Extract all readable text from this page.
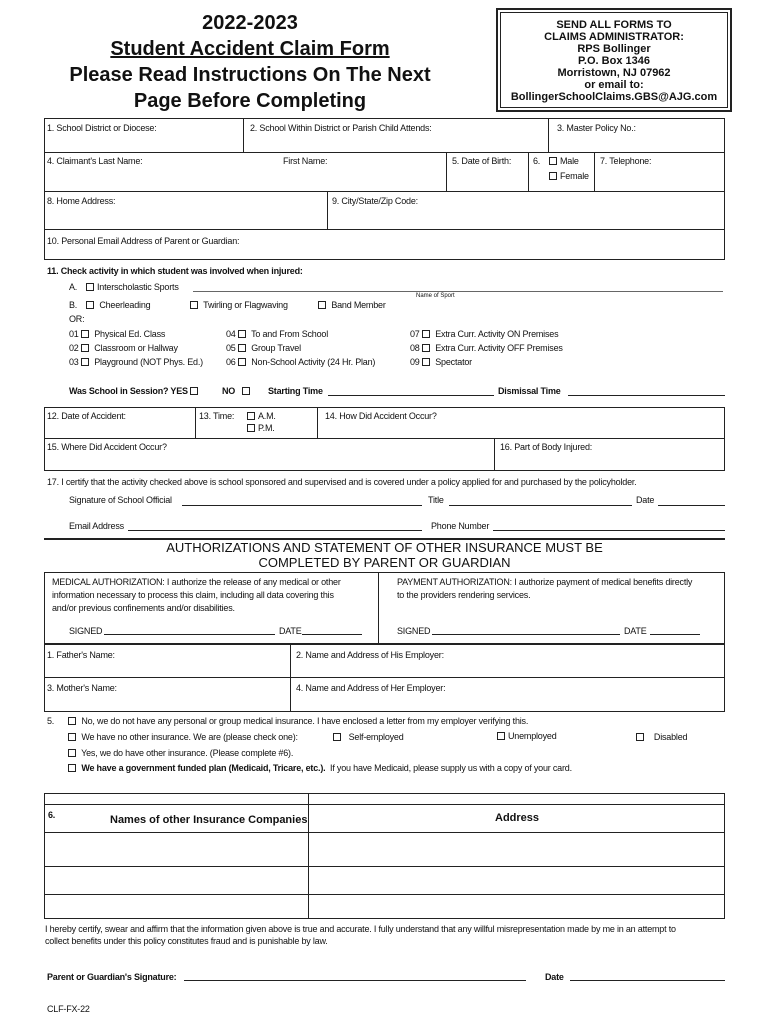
2022-2023
Student Accident Claim Form
Please Read Instructions On The Next
Page Before Completing
SEND ALL FORMS TO
CLAIMS ADMINISTRATOR:
RPS Bollinger
P.O. Box 1346
Morristown, NJ 07962
or email to:
BollingerSchoolClaims.GBS@AJG.com
1. School District or Diocese:	2. School Within District or Parish Child Attends:	3. Master Policy No.:
4. Claimant's Last Name:	First Name:	5. Date of Birth: 6.	Male
Female
7. Telephone:
8. Home Address:	9. City/State/Zip Code:
10. Personal Email Address of Parent or Guardian:
11. Check activity in which student was involved when injured:
A.	Interscholastic Sports
Name of Sport
B.	Cheerleading	Twirling or Flagwaving	Band Member
OR:
01 Physical Ed. Class
02 Classroom or Hallway
03 Playground (NOT Phys. Ed.)
04 To and From School
05 Group Travel
06 Non-School Activity (24 Hr. Plan)
07 Extra Curr. Activity ON Premises
08 Extra Curr. Activity OFF Premises
09 Spectator
Was School in Session? YES	NO	Starting Time	Dismissal Time
12. Date of Accident:	13. Time:	A.M.
P.M.
14. How Did Accident Occur?
15. Where Did Accident Occur?	16. Part of Body Injured:
17. I certify that the activity checked above is school sponsored and supervised and is covered under a policy applied for and purchased by the policyholder.
Signature of School Official	Title	Date
Email Address	Phone Number
AUTHORIZATIONS AND STATEMENT OF OTHER INSURANCE MUST BE
COMPLETED BY PARENT OR GUARDIAN
MEDICAL AUTHORIZATION: I authorize the release of any medical or other
information necessary to process this claim, including all data covering this
and/or previous confinements and/or disabilities.
PAYMENT AUTHORIZATION: I authorize payment of medical benefits directly
to the providers rendering services.
SIGNED	DATE	SIGNED	DATE
1. Father's Name:	2. Name and Address of His Employer:
3. Mother's Name:	4. Name and Address of Her Employer:
5.	No, we do not have any personal or group medical insurance. I have enclosed a letter from my employer verifying this.
We have no other insurance. We are (please check one):	Self-employed	Unemployed	Disabled
Yes, we do have other insurance. (Please complete #6).
We have a government funded plan (Medicaid, Tricare, etc.). If you have Medicaid, please supply us with a copy of your card.
6.	Names of other Insurance Companies	Address
I hereby certify, swear and affirm that the information given above is true and accurate. I fully understand that any willful misrepresentation made by me in an attempt to
collect benefits under this policy constitutes fraud and is punishable by law.
Parent or Guardian's Signature:	Date
CLF-FX-22
